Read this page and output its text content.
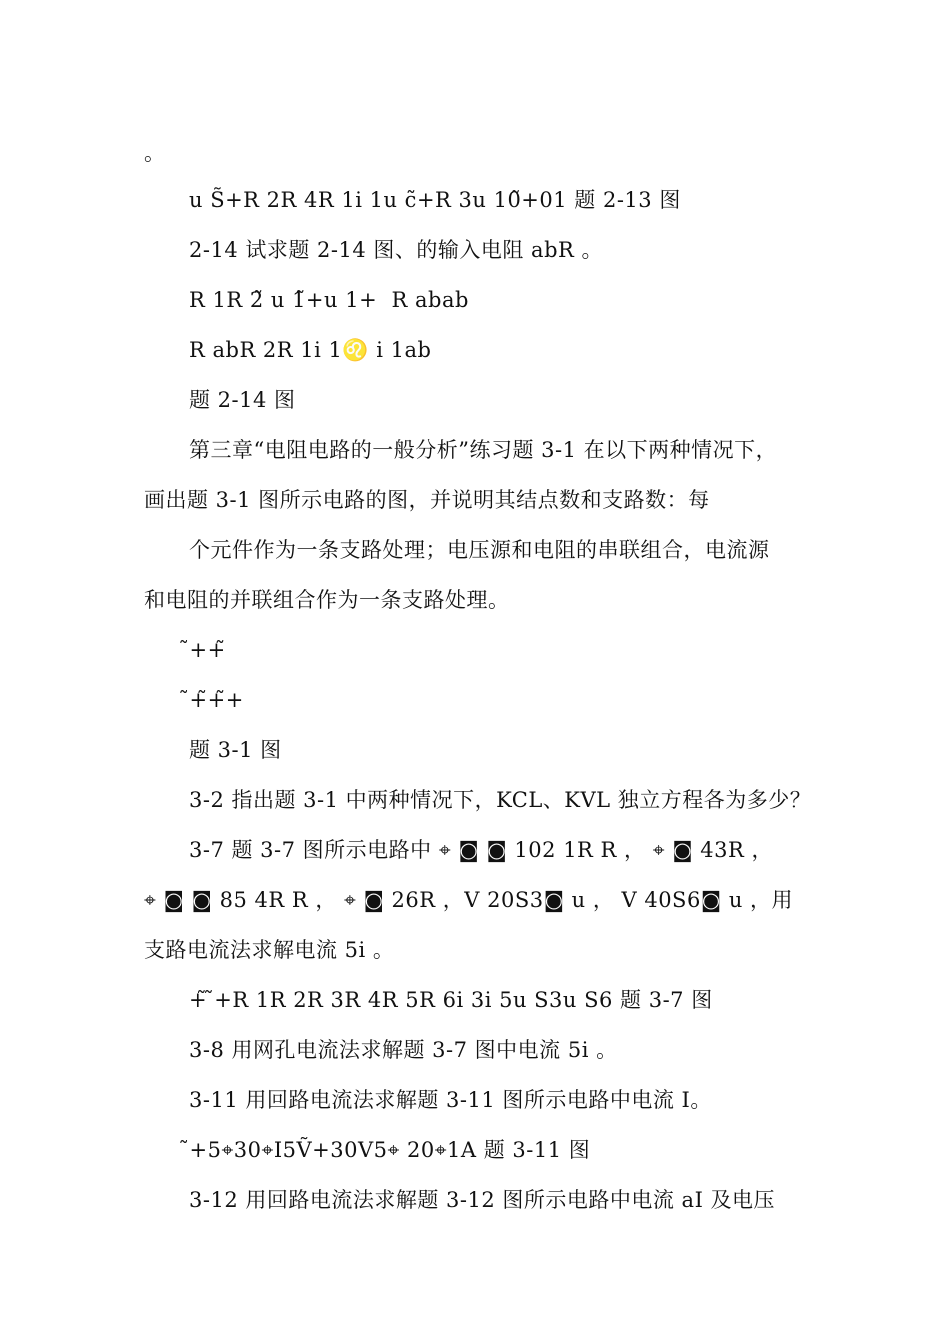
。
u S̃+R 2R 4R 1i 1u c̃+R 3u 10̃+01 题 2-13 图
2-14 试求题 2-14 图、的输入电阻 abR 。
R 1R 2̃ u 1̃+u 1+  R abab
R abR 2R 1i 1♌ i 1ab
题 2-14 图
第三章“电阻电路的一般分析”练习题 3-1 在以下两种情况下，
画出题 3-1 图所示电路的图，并说明其结点数和支路数：每
个元件作为一条支路处理；电压源和电阻的串联组合，电流源
和电阻的并联组合作为一条支路处理。
̃++̃
̃+̃+̃+
题 3-1 图
3-2 指出题 3-1 中两种情况下，KCL、KVL 独立方程各为多少？
3-7 题 3-7 图所示电路中 ⌖ ◙ ◙ 102 1R R ， ⌖ ◙ 43R ，
⌖ ◙ ◙ 85 4R R ， ⌖ ◙ 26R ，V 20S3◙ u ， V 40S6◙ u ，用
支路电流法求解电流 5i 。
+̃ ̃+R 1R 2R 3R 4R 5R 6i 3i 5u S3u S6 题 3-7 图
3-8 用网孔电流法求解题 3-7 图中电流 5i 。
3-11 用回路电流法求解题 3-11 图所示电路中电流 I。
̃+5⌖30⌖I5Ṽ+30V5⌖ 20⌖1A 题 3-11 图
3-12 用回路电流法求解题 3-12 图所示电路中电流 aI 及电压
